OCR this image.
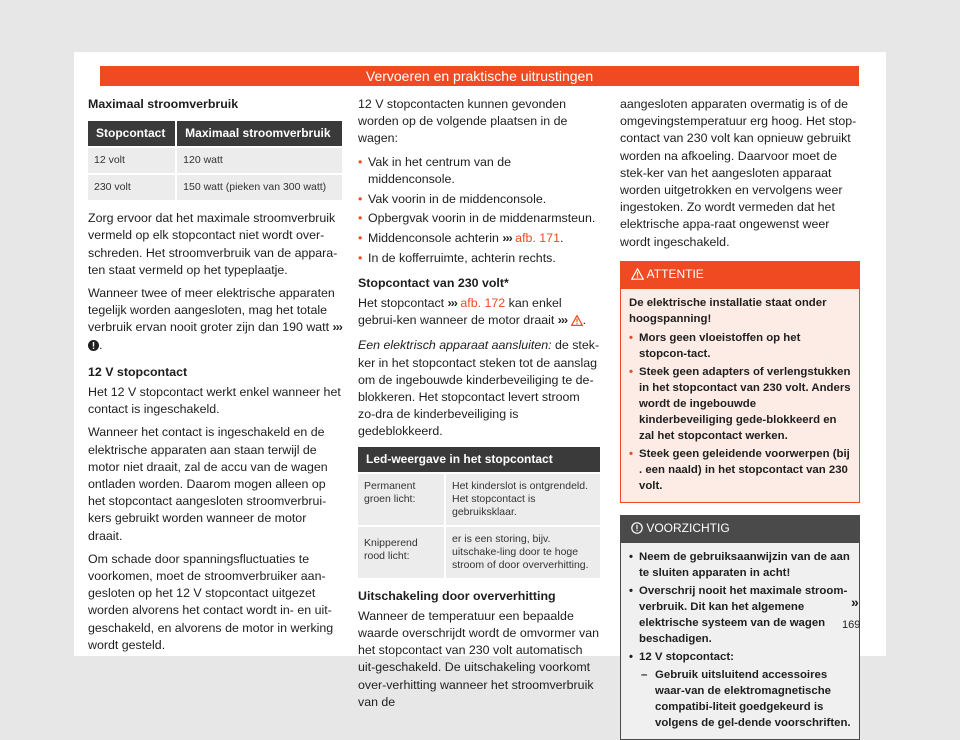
Vervoeren en praktische uitrustingen
Maximaal stroomverbruik
Stopcontact	Maximaal stroomverbruik
12 volt	120 watt
230 volt	150 watt (pieken van 300 watt)

Zorg ervoor dat het maximale stroomverbruik vermeld op elk stopcontact niet wordt over-schreden. Het stroomverbruik van de appara-ten staat vermeld op het typeplaatje.

Wanneer twee of meer elektrische apparaten tegelijk worden aangesloten, mag het totale verbruik ervan nooit groter zijn dan 190 watt ››› .

12 V stopcontact

Het 12 V stopcontact werkt enkel wanneer het contact is ingeschakeld.

Wanneer het contact is ingeschakeld en de elektrische apparaten aan staan terwijl de motor niet draait, zal de accu van de wagen ontladen worden. Daarom mogen alleen op het stopcontact aangesloten stroomverbrui-kers gebruikt worden wanneer de motor draait.

Om schade door spanningsfluctuaties te voorkomen, moet de stroomverbruiker aan-gesloten op het 12 V stopcontact uitgezet worden alvorens het contact wordt in- en uit-geschakeld, en alvorens de motor in werking wordt gesteld.

12 V stopcontacten kunnen gevonden worden op de volgende plaatsen in de wagen:

• Vak in het centrum van de middenconsole.
• Vak voorin in de middenconsole.
• Opbergvak voorin in de middenarmsteun.
• Middenconsole achterin ››› afb. 171.
• In de kofferruimte, achterin rechts.
Stopcontact van 230 volt*

Het stopcontact ››› afb. 172 kan enkel gebrui-ken wanneer de motor draait ››› .

Een elektrisch apparaat aansluiten: de stek-ker in het stopcontact steken tot de aanslag om de ingebouwde kinderbeveiliging te de-blokkeren. Het stopcontact levert stroom zo-dra de kinderbeveiliging is gedeblokkeerd.

Led-weergave in het stopcontact	
Permanent groen licht:	Het kinderslot is ontgrendeld. Het stopcontact is gebruiksklaar.
Knipperend rood licht:	er is een storing, bijv. uitschake-ling door te hoge stroom of door oververhitting.
Uitschakeling door oververhitting

Wanneer de temperatuur een bepaalde waarde overschrijdt wordt de omvormer van het stopcontact van 230 volt automatisch uit-geschakeld. De uitschakeling voorkomt over-verhitting wanneer het stroomverbruik van de

aangesloten apparaten overmatig is of de omgevingstemperatuur erg hoog. Het stop-contact van 230 volt kan opnieuw gebruikt worden na afkoeling. Daarvoor moet de stek-ker van het aangesloten apparaat worden uitgetrokken en vervolgens weer ingestoken. Zo wordt vermeden dat het elektrische appa-raat ongewenst weer wordt ingeschakeld.

ATTENTIE

De elektrische installatie staat onder hoogspanning!

• Mors geen vloeistoffen op het stopcon-tact.
• Steek geen adapters of verlengstukken in het stopcontact van 230 volt. Anders wordt de ingebouwde kinderbeveiliging gede-blokkeerd en zal het stopcontact werken.
• Steek geen geleidende voorwerpen (bij . een naald) in het stopcontact van 230 volt.
VOORZICHTIG
• Neem de gebruiksaanwijzin van de aan te sluiten apparaten in acht!
• Overschrij nooit het maximale stroom-verbruik. Dit kan het algemene elektrische systeem van de wagen beschadigen.
• 12 V stopcontact:
– Gebruik uitsluitend accessoires waar-van de elektromagnetische compatibi-liteit goedgekeurd is volgens de gel-dende voorschriften.
»
169
